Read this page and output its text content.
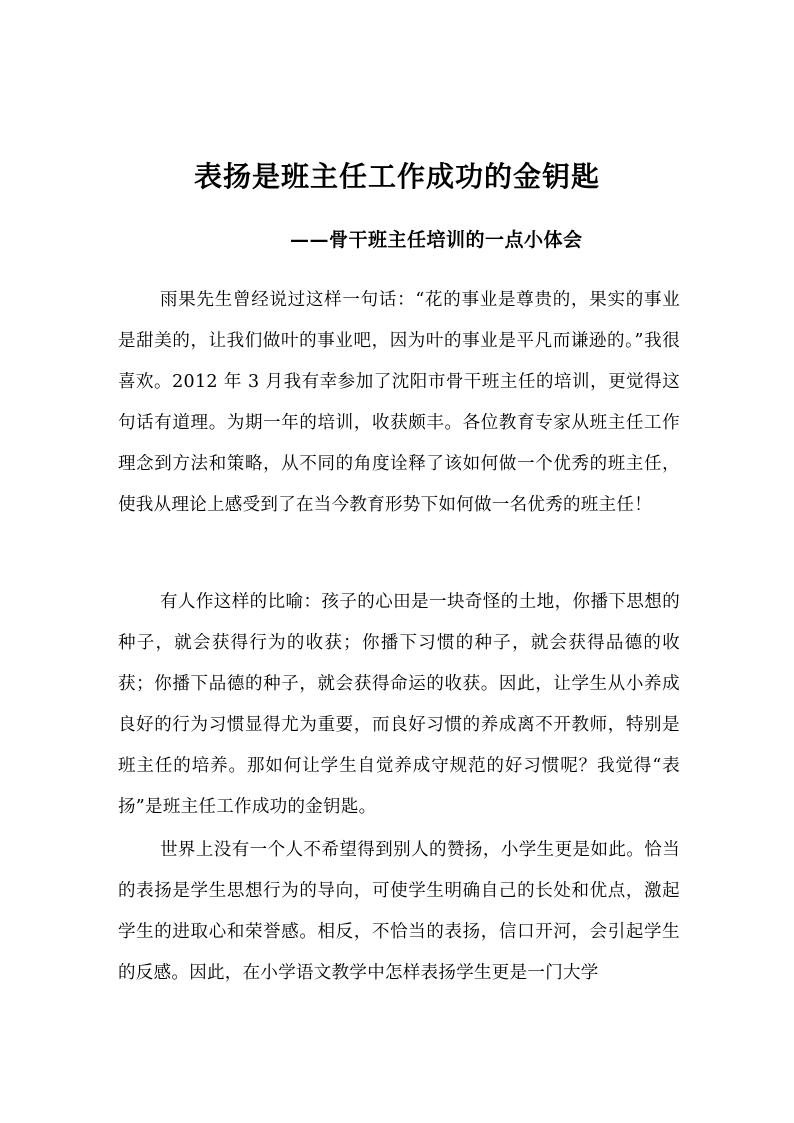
表扬是班主任工作成功的金钥匙
——骨干班主任培训的一点小体会

雨果先生曾经说过这样一句话：“花的事业是尊贵的，果实的事业是甜美的，让我们做叶的事业吧，因为叶的事业是平凡而谦逊的。”我很喜欢。2012 年 3 月我有幸参加了沈阳市骨干班主任的培训，更觉得这句话有道理。为期一年的培训，收获颇丰。各位教育专家从班主任工作理念到方法和策略，从不同的角度诠释了该如何做一个优秀的班主任，使我从理论上感受到了在当今教育形势下如何做一名优秀的班主任！

有人作这样的比喻：孩子的心田是一块奇怪的土地，你播下思想的种子，就会获得行为的收获；你播下习惯的种子，就会获得品德的收获；你播下品德的种子，就会获得命运的收获。因此，让学生从小养成良好的行为习惯显得尤为重要，而良好习惯的养成离不开教师，特别是班主任的培养。那如何让学生自觉养成守规范的好习惯呢？我觉得“表扬”是班主任工作成功的金钥匙。

世界上没有一个人不希望得到别人的赞扬，小学生更是如此。恰当的表扬是学生思想行为的导向，可使学生明确自己的长处和优点，激起学生的进取心和荣誉感。相反，不恰当的表扬，信口开河，会引起学生的反感。因此，在小学语文教学中怎样表扬学生更是一门大学
